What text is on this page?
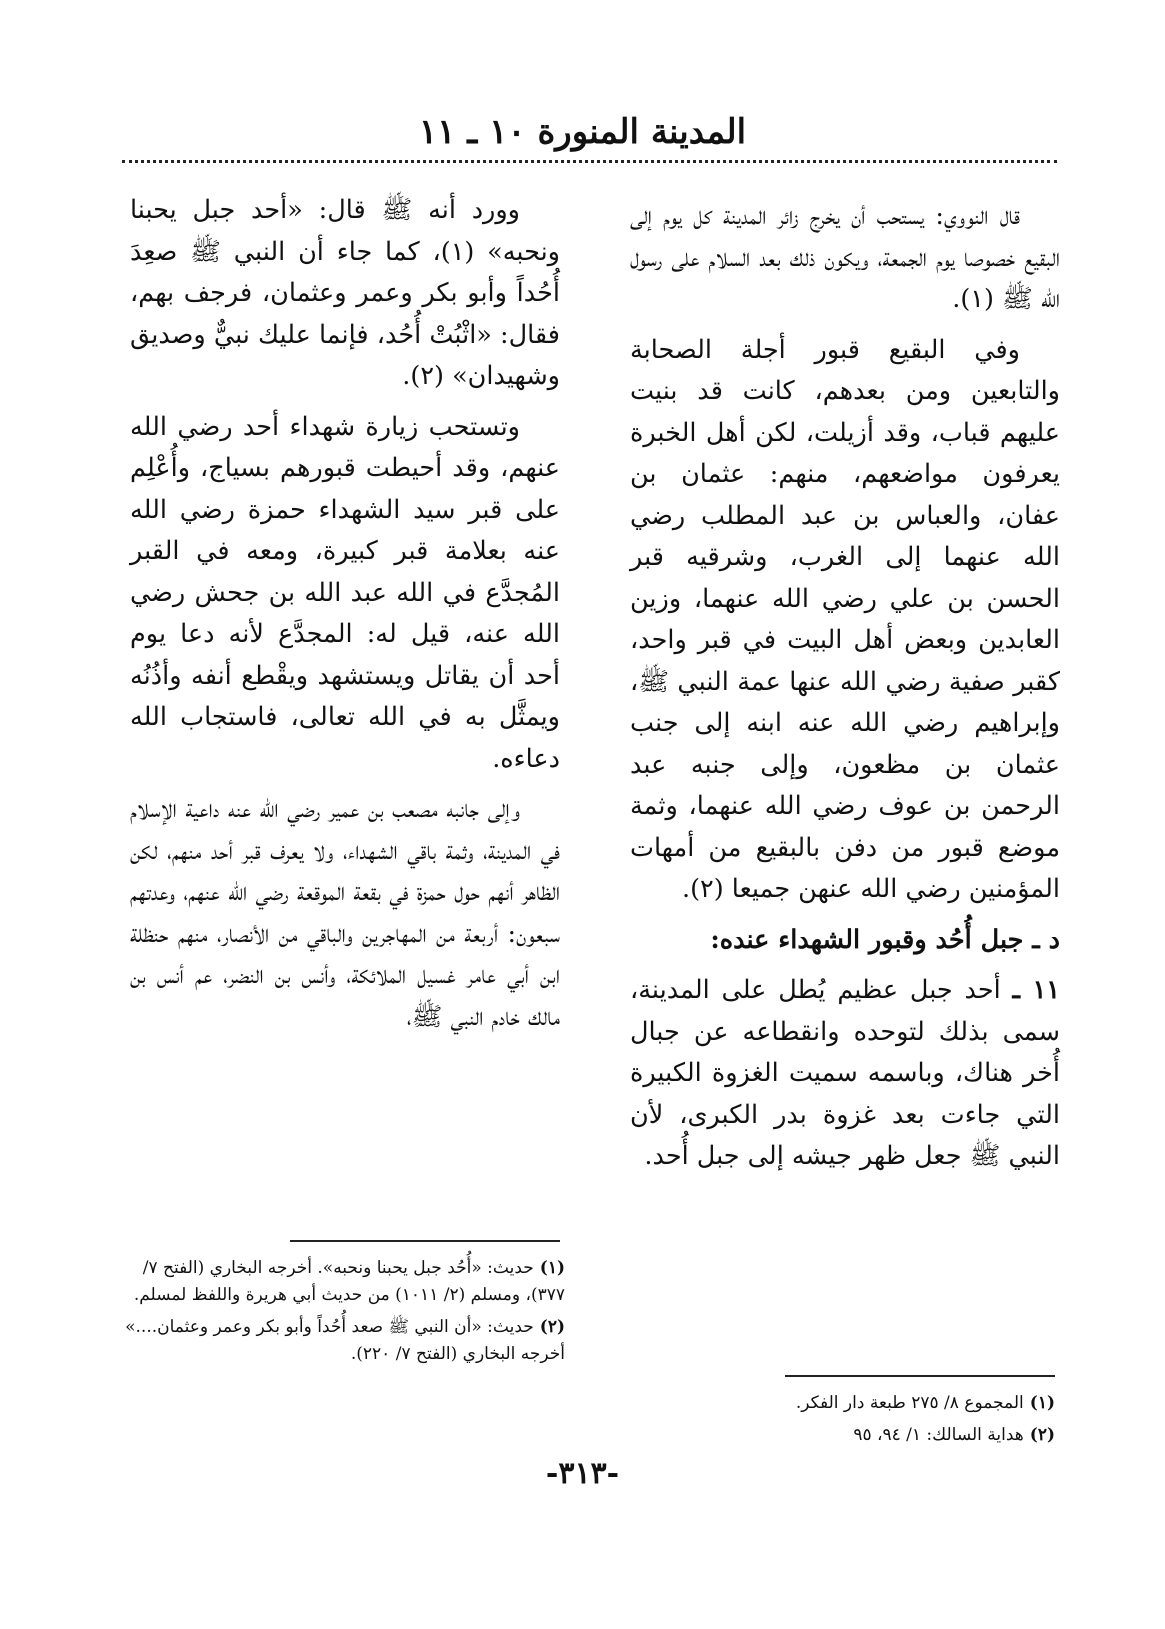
المدينة المنورة ١٠ ـ ١١

قال النووي: يستحب أن يخرج زائر المدينة كل يوم إلى البقيع خصوصا يوم الجمعة، ويكون ذلك بعد السلام على رسول الله ﷺ (١).

وفي البقيع قبور أجلة الصحابة والتابعين ومن بعدهم، كانت قد بنيت عليهم قباب، وقد أزيلت، لكن أهل الخبرة يعرفون مواضعهم، منهم: عثمان بن عفان، والعباس بن عبد المطلب رضي الله عنهما إلى الغرب، وشرقيه قبر الحسن بن علي رضي الله عنهما، وزين العابدين وبعض أهل البيت في قبر واحد، كقبر صفية رضي الله عنها عمة النبي ﷺ، وإبراهيم رضي الله عنه ابنه إلى جنب عثمان بن مظعون، وإلى جنبه عبد الرحمن بن عوف رضي الله عنهما، وثمة موضع قبور من دفن بالبقيع من أمهات المؤمنين رضي الله عنهن جميعا (٢).

د ـ جبل أُحُد وقبور الشهداء عنده:

١١ ـ أحد جبل عظيم يُطل على المدينة، سمى بذلك لتوحده وانقطاعه عن جبال أُخر هناك، وباسمه سميت الغزوة الكبيرة التي جاءت بعد غزوة بدر الكبرى، لأن النبي ﷺ جعل ظهر جيشه إلى جبل أُحد.

وورد أنه ﷺ قال: «أحد جبل يحبنا ونحبه» (١)، كما جاء أن النبي ﷺ صعِدَ أُحُداً وأبو بكر وعمر وعثمان، فرجف بهم، فقال: «اثْبُتْ أُحُد، فإنما عليك نبيٌّ وصديق وشهيدان» (٢).

وتستحب زيارة شهداء أحد رضي الله عنهم، وقد أحيطت قبورهم بسياج، وأُعْلِم على قبر سيد الشهداء حمزة رضي الله عنه بعلامة قبر كبيرة، ومعه في القبر المُجدَّع في الله عبد الله بن جحش رضي الله عنه، قيل له: المجدَّع لأنه دعا يوم أحد أن يقاتل ويستشهد ويقْطع أنفه وأذُنُه ويمثَّل به في الله تعالى، فاستجاب الله دعاءه.

وإلى جانبه مصعب بن عمير رضي الله عنه داعية الإسلام في المدينة، وثمة باقي الشهداء، ولا يعرف قبر أحد منهم، لكن الظاهر أنهم حول حمزة في بقعة الموقعة رضي الله عنهم، وعدتهم سبعون: أربعة من المهاجرين والباقي من الأنصار، منهم حنظلة ابن أبي عامر غسيل الملائكة، وأنس بن النضر، عم أنس بن مالك خادم النبي ﷺ،

(١)المجموع ٨/ ٢٧٥ طبعة دار الفكر.
(٢)هداية السالك: ١/ ٩٤، ٩٥
(١)حديث: «أُحُد جبل يحبنا ونحبه». أخرجه البخاري (الفتح ٧/ ٣٧٧)، ومسلم (٢/ ١٠١١) من حديث أبي هريرة واللفظ لمسلم.
(٢)حديث: «أن النبي ﷺ صعد أُحُداً وأبو بكر وعمر وعثمان....» أخرجه البخاري (الفتح ٧/ ٢٢٠).
-٣١٣-
